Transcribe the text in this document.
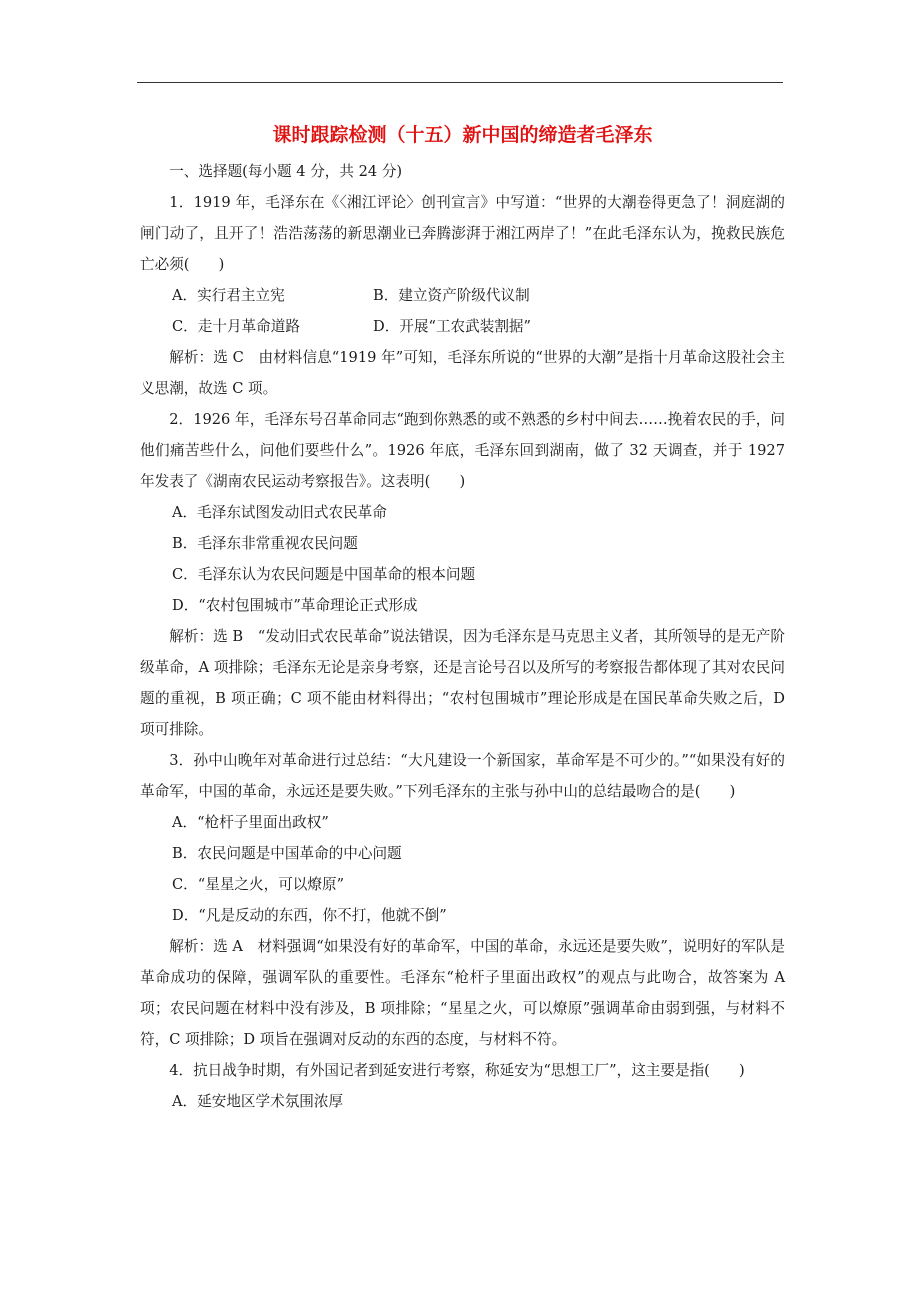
课时跟踪检测（十五）新中国的缔造者毛泽东

一、选择题(每小题 4 分，共 24 分)

1．1919 年，毛泽东在《〈湘江评论〉创刊宣言》中写道：“世界的大潮卷得更急了！洞庭湖的闸门动了，且开了！浩浩荡荡的新思潮业已奔腾澎湃于湘江两岸了！”在此毛泽东认为，挽救民族危亡必须(　　)

A．实行君主立宪	B．建立资产阶级代议制
C．走十月革命道路	D．开展“工农武装割据”

解析：选 C　由材料信息“1919 年”可知，毛泽东所说的“世界的大潮”是指十月革命这股社会主义思潮，故选 C 项。

2．1926 年，毛泽东号召革命同志“跑到你熟悉的或不熟悉的乡村中间去……挽着农民的手，问他们痛苦些什么，问他们要些什么”。1926 年底，毛泽东回到湖南，做了 32 天调查，并于 1927 年发表了《湖南农民运动考察报告》。这表明(　　)

A．毛泽东试图发动旧式农民革命

B．毛泽东非常重视农民问题

C．毛泽东认为农民问题是中国革命的根本问题

D．“农村包围城市”革命理论正式形成

解析：选 B　“发动旧式农民革命”说法错误，因为毛泽东是马克思主义者，其所领导的是无产阶级革命，A 项排除；毛泽东无论是亲身考察，还是言论号召以及所写的考察报告都体现了其对农民问题的重视，B 项正确；C 项不能由材料得出；“农村包围城市”理论形成是在国民革命失败之后，D 项可排除。

3．孙中山晚年对革命进行过总结：“大凡建设一个新国家，革命军是不可少的。”“如果没有好的革命军，中国的革命，永远还是要失败。”下列毛泽东的主张与孙中山的总结最吻合的是(　　)

A．“枪杆子里面出政权”

B．农民问题是中国革命的中心问题

C．“星星之火，可以燎原”

D．“凡是反动的东西，你不打，他就不倒”

解析：选 A　材料强调“如果没有好的革命军，中国的革命，永远还是要失败”，说明好的军队是革命成功的保障，强调军队的重要性。毛泽东“枪杆子里面出政权”的观点与此吻合，故答案为 A 项；农民问题在材料中没有涉及，B 项排除；“星星之火，可以燎原”强调革命由弱到强，与材料不符，C 项排除；D 项旨在强调对反动的东西的态度，与材料不符。

4．抗日战争时期，有外国记者到延安进行考察，称延安为“思想工厂”，这主要是指(　　)

A．延安地区学术氛围浓厚
